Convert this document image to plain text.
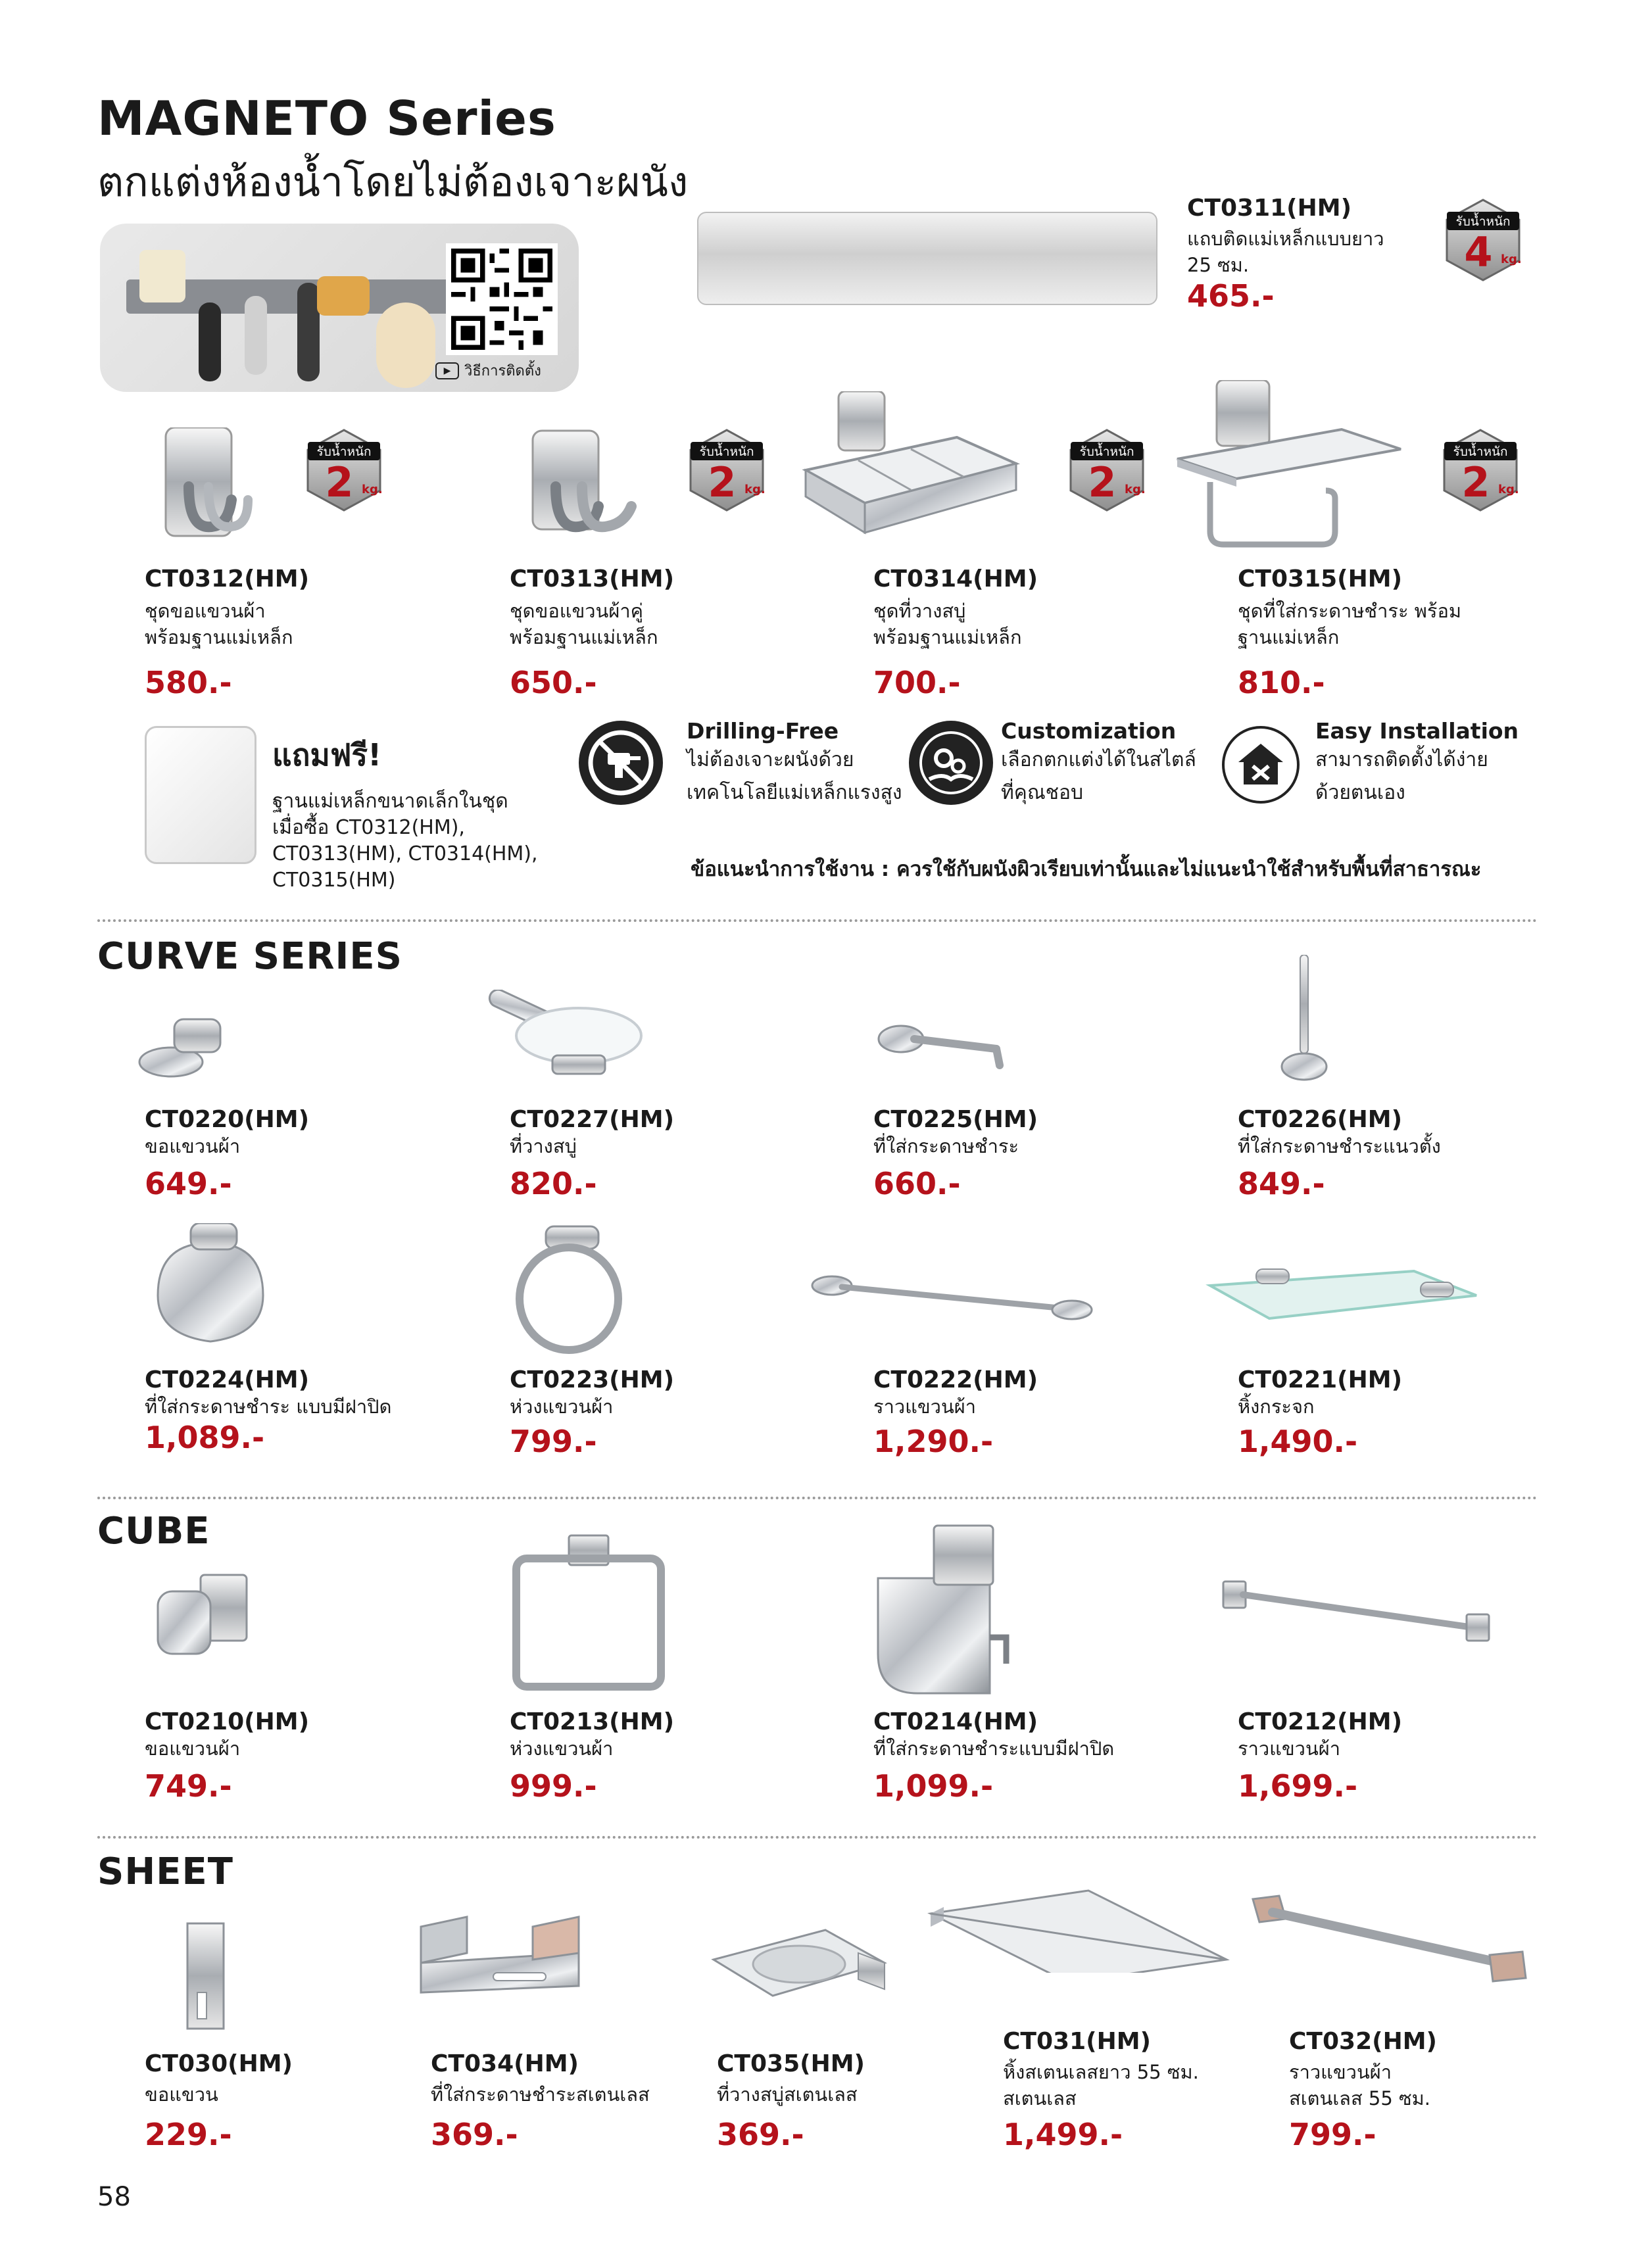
MAGNETO Series
ตกแต่งห้องน้ำโดยไม่ต้องเจาะผนัง
▶ วิธีการติดตั้ง
CT0311(HM)
แถบติดแม่เหล็กแบบยาว
25 ซม.
465.-
รับน้ำหนัก
4 kg.
รับน้ำหนัก
2 kg.
CT0312(HM)
ชุดขอแขวนผ้า
พร้อมฐานแม่เหล็ก
580.-
รับน้ำหนัก
2 kg.
CT0313(HM)
ชุดขอแขวนผ้าคู่
พร้อมฐานแม่เหล็ก
650.-
รับน้ำหนัก
2 kg.
CT0314(HM)
ชุดที่วางสบู่
พร้อมฐานแม่เหล็ก
700.-
รับน้ำหนัก
2 kg.
CT0315(HM)
ชุดที่ใส่กระดาษชำระ พร้อม
ฐานแม่เหล็ก
810.-
แถมฟรี!
ฐานแม่เหล็กขนาดเล็กในชุด
เมื่อซื้อ CT0312(HM),
CT0313(HM), CT0314(HM),
CT0315(HM)
Drilling-Free
ไม่ต้องเจาะผนังด้วย
เทคโนโลยีแม่เหล็กแรงสูง
Customization
เลือกตกแต่งได้ในสไตล์
ที่คุณชอบ
Easy Installation
สามารถติดตั้งได้ง่าย
ด้วยตนเอง
ข้อแนะนำการใช้งาน : ควรใช้กับผนังผิวเรียบเท่านั้นและไม่แนะนำใช้สำหรับพื้นที่สาธารณะ
CURVE SERIES
CT0220(HM)
ขอแขวนผ้า
649.-
CT0227(HM)
ที่วางสบู่
820.-
CT0225(HM)
ที่ใส่กระดาษชำระ
660.-
CT0226(HM)
ที่ใส่กระดาษชำระแนวตั้ง
849.-
CT0224(HM)
ที่ใส่กระดาษชำระ แบบมีฝาปิด
1,089.-
CT0223(HM)
ห่วงแขวนผ้า
799.-
CT0222(HM)
ราวแขวนผ้า
1,290.-
CT0221(HM)
หิ้งกระจก
1,490.-
CUBE
CT0210(HM)
ขอแขวนผ้า
749.-
CT0213(HM)
ห่วงแขวนผ้า
999.-
CT0214(HM)
ที่ใส่กระดาษชำระแบบมีฝาปิด
1,099.-
CT0212(HM)
ราวแขวนผ้า
1,699.-
SHEET
CT030(HM)
ขอแขวน
229.-
CT034(HM)
ที่ใส่กระดาษชำระสเตนเลส
369.-
CT035(HM)
ที่วางสบู่สเตนเลส
369.-
CT031(HM)
หิ้งสเตนเลสยาว 55 ซม.
สเตนเลส
1,499.-
CT032(HM)
ราวแขวนผ้า
สเตนเลส 55 ซม.
799.-
58
